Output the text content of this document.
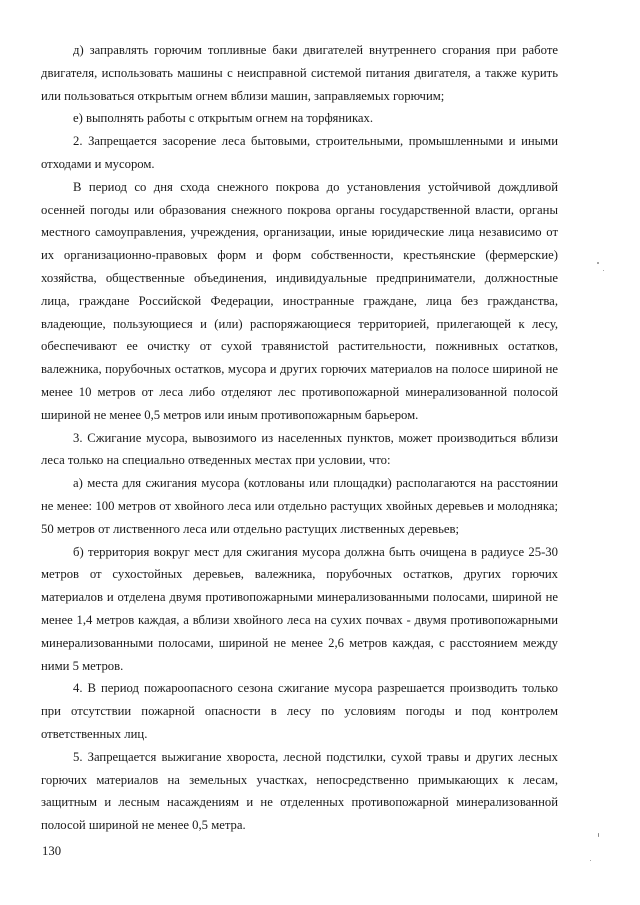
д) заправлять горючим топливные баки двигателей внутреннего сгорания при работе двигателя, использовать машины с неисправной системой питания двигателя, а также курить или пользоваться открытым огнем вблизи машин, заправляемых горючим;

е) выполнять работы с открытым огнем на торфяниках.

2. Запрещается засорение леса бытовыми, строительными, промышленными и иными отходами и мусором.

В период со дня схода снежного покрова до установления устойчивой дождливой осенней погоды или образования снежного покрова органы государственной власти, органы местного самоуправления, учреждения, организации, иные юридические лица независимо от их организационно-правовых форм и форм собственности, крестьянские (фермерские) хозяйства, общественные объединения, индивидуальные предприниматели, должностные лица, граждане Российской Федерации, иностранные граждане, лица без гражданства, владеющие, пользующиеся и (или) распоряжающиеся территорией, прилегающей к лесу, обеспечивают ее очистку от сухой травянистой растительности, пожнивных остатков, валежника, порубочных остатков, мусора и других горючих материалов на полосе шириной не менее 10 метров от леса либо отделяют лес противопожарной минерализованной полосой шириной не менее 0,5 метров или иным противопожарным барьером.

3. Сжигание мусора, вывозимого из населенных пунктов, может производиться вблизи леса только на специально отведенных местах при условии, что:

а) места для сжигания мусора (котлованы или площадки) располагаются на расстоянии не менее: 100 метров от хвойного леса или отдельно растущих хвойных деревьев и молодняка; 50 метров от лиственного леса или отдельно растущих лиственных деревьев;

б) территория вокруг мест для сжигания мусора должна быть очищена в радиусе 25-30 метров от сухостойных деревьев, валежника, порубочных остатков, других горючих материалов и отделена двумя противопожарными минерализованными полосами, шириной не менее 1,4 метров каждая, а вблизи хвойного леса на сухих почвах - двумя противопожарными минерализованными полосами, шириной не менее 2,6 метров каждая, с расстоянием между ними 5 метров.

4. В период пожароопасного сезона сжигание мусора разрешается производить только при отсутствии пожарной опасности в лесу по условиям погоды и под контролем ответственных лиц.

5. Запрещается выжигание хвороста, лесной подстилки, сухой травы и других лесных горючих материалов на земельных участках, непосредственно примыкающих к лесам, защитным и лесным насаждениям и не отделенных противопожарной минерализованной полосой шириной не менее 0,5 метра.

130
